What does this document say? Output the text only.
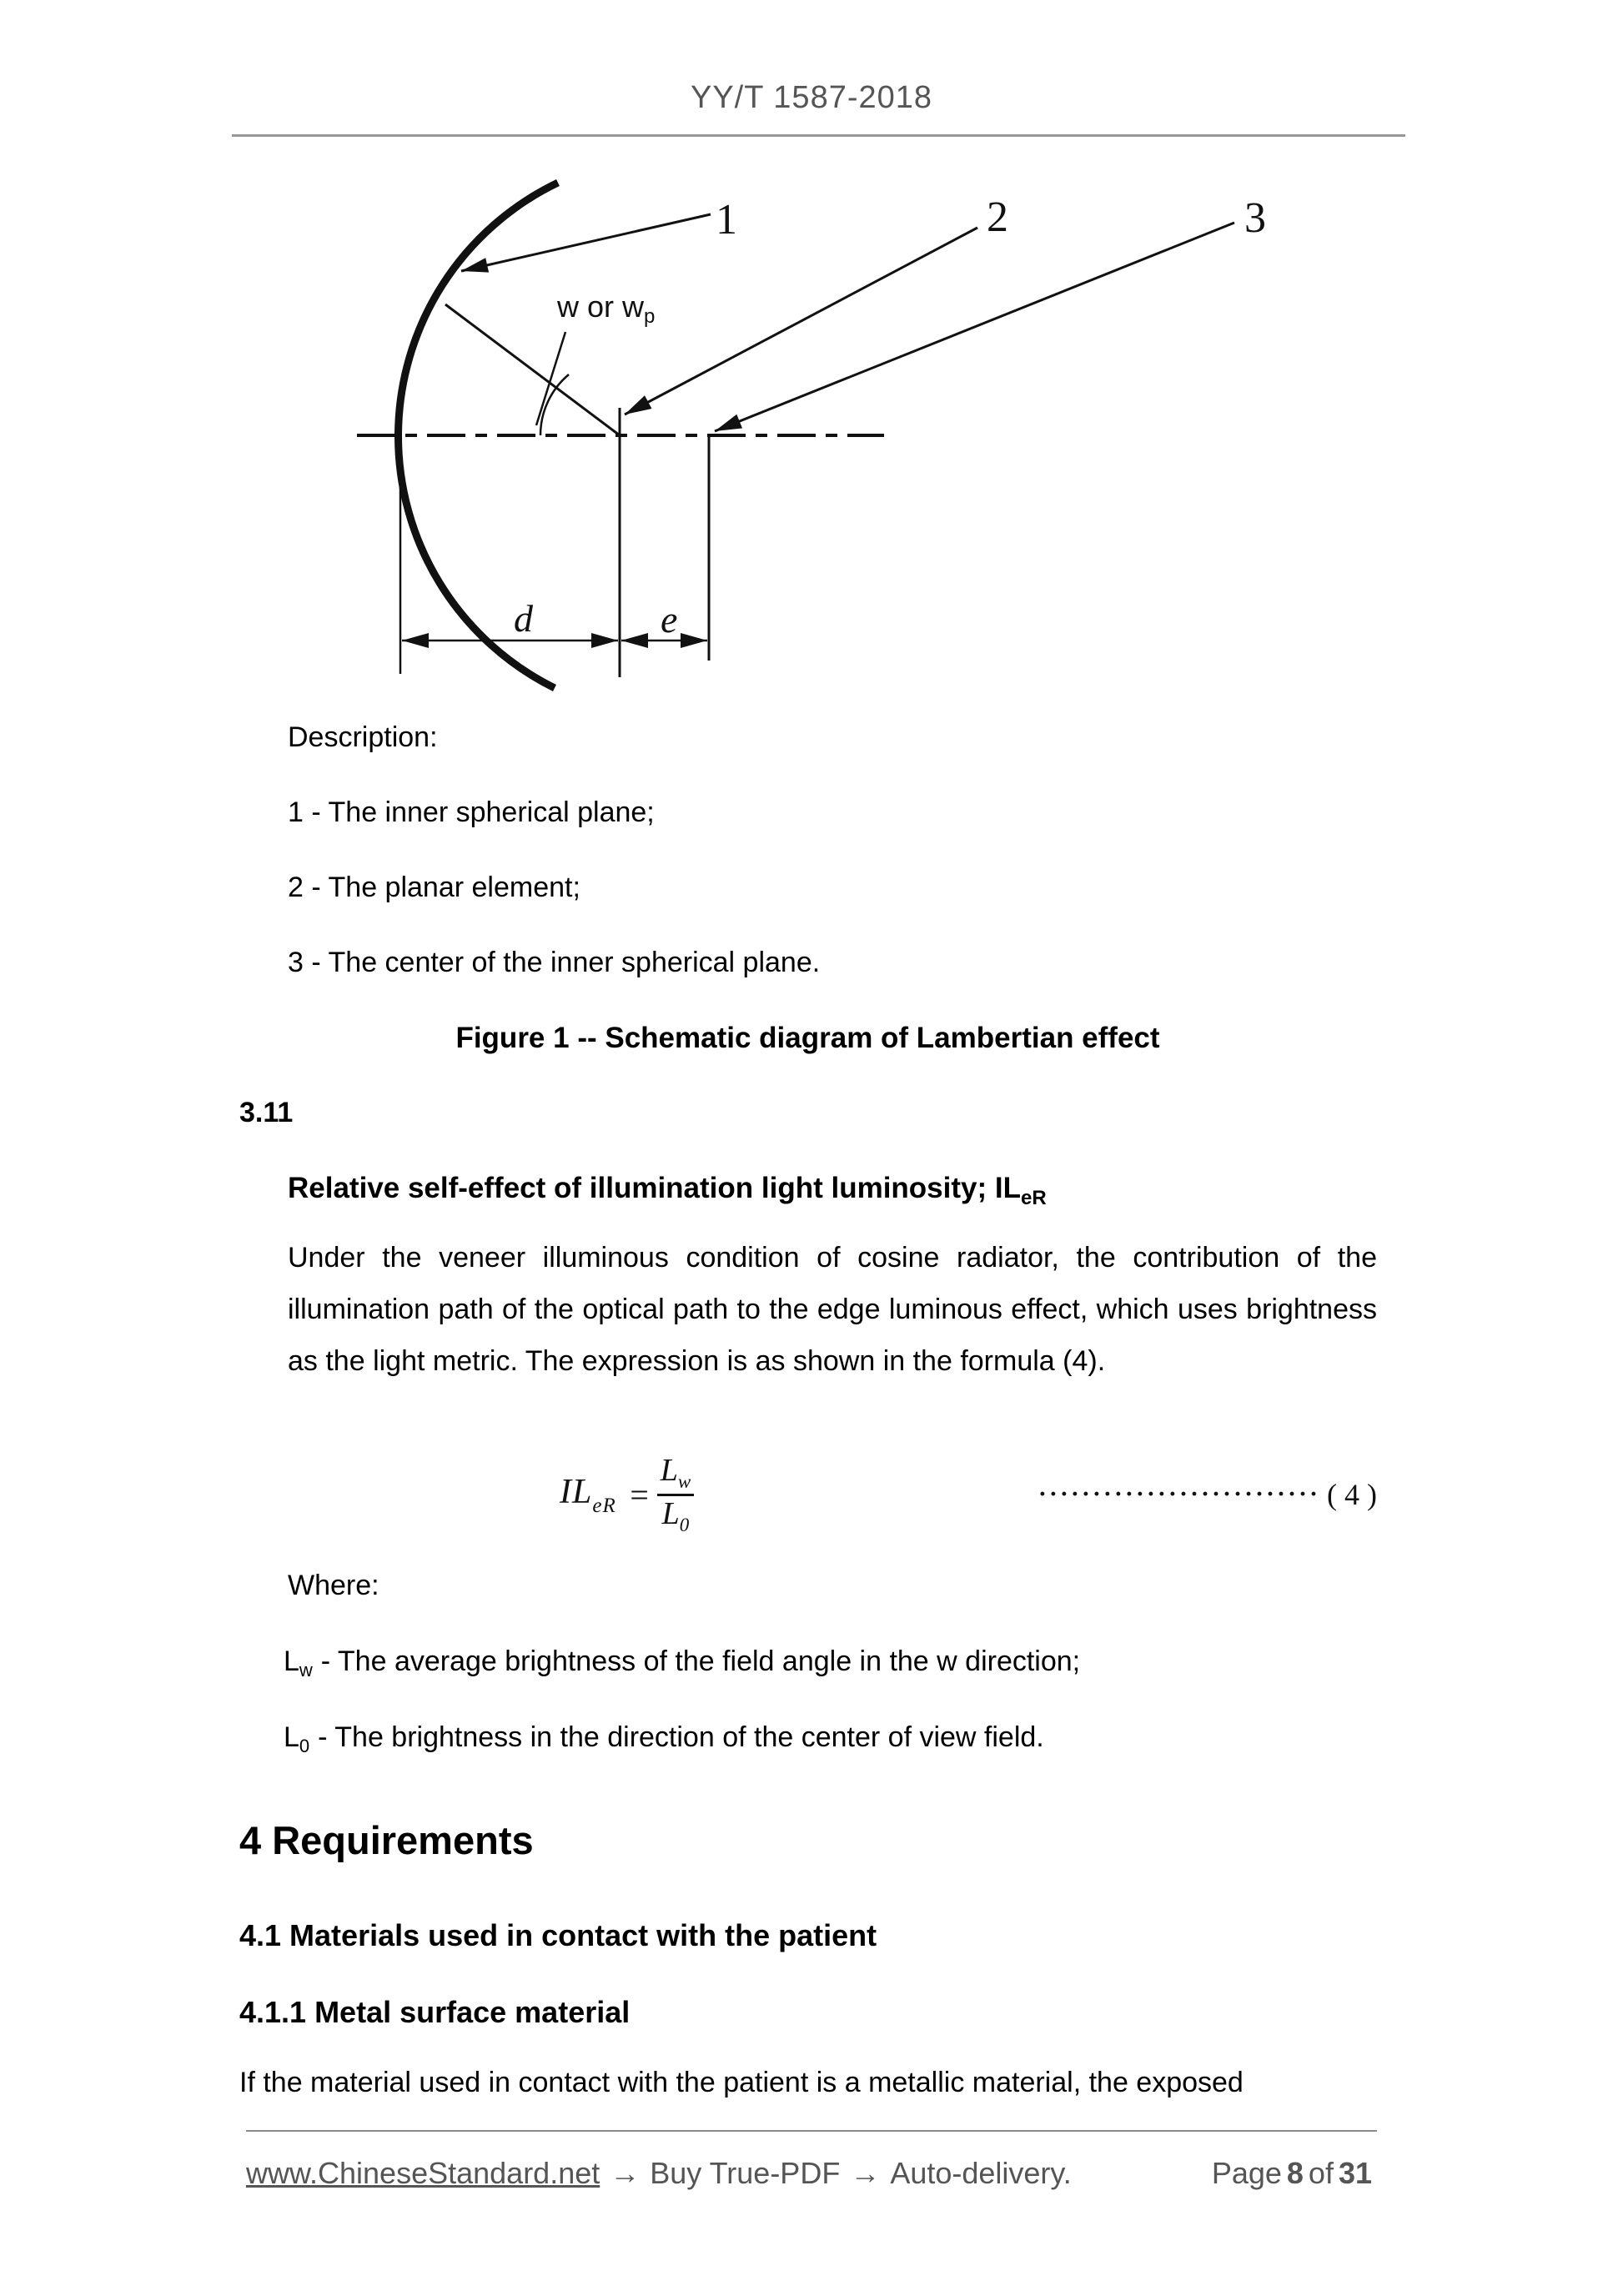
YY/T 1587-2018
w or wp
1	2	3
d	e
Description:
1 - The inner spherical plane;
2 - The planar element;
3 - The center of the inner spherical plane.
Figure 1 -- Schematic diagram of Lambertian effect
3.11
Relative self-effect of illumination light luminosity; $IL_{eR}$
Under the veneer illuminous condition of cosine radiator, the contribution of the illumination path of the optical path to the edge luminous effect, which uses brightness as the light metric. The expression is as shown in the formula (4).
$IL_{eR} = \frac{L_w}{L_0}$	·························· ( 4 )
Where:
$L_w$ - The average brightness of the field angle in the w direction;
$L_0$ - The brightness in the direction of the center of view field.
4 Requirements
4.1 Materials used in contact with the patient
4.1.1 Metal surface material
If the material used in contact with the patient is a metallic material, the exposed
www.ChineseStandard.net → Buy True-PDF → Auto-delivery.	Page 8 of 31
